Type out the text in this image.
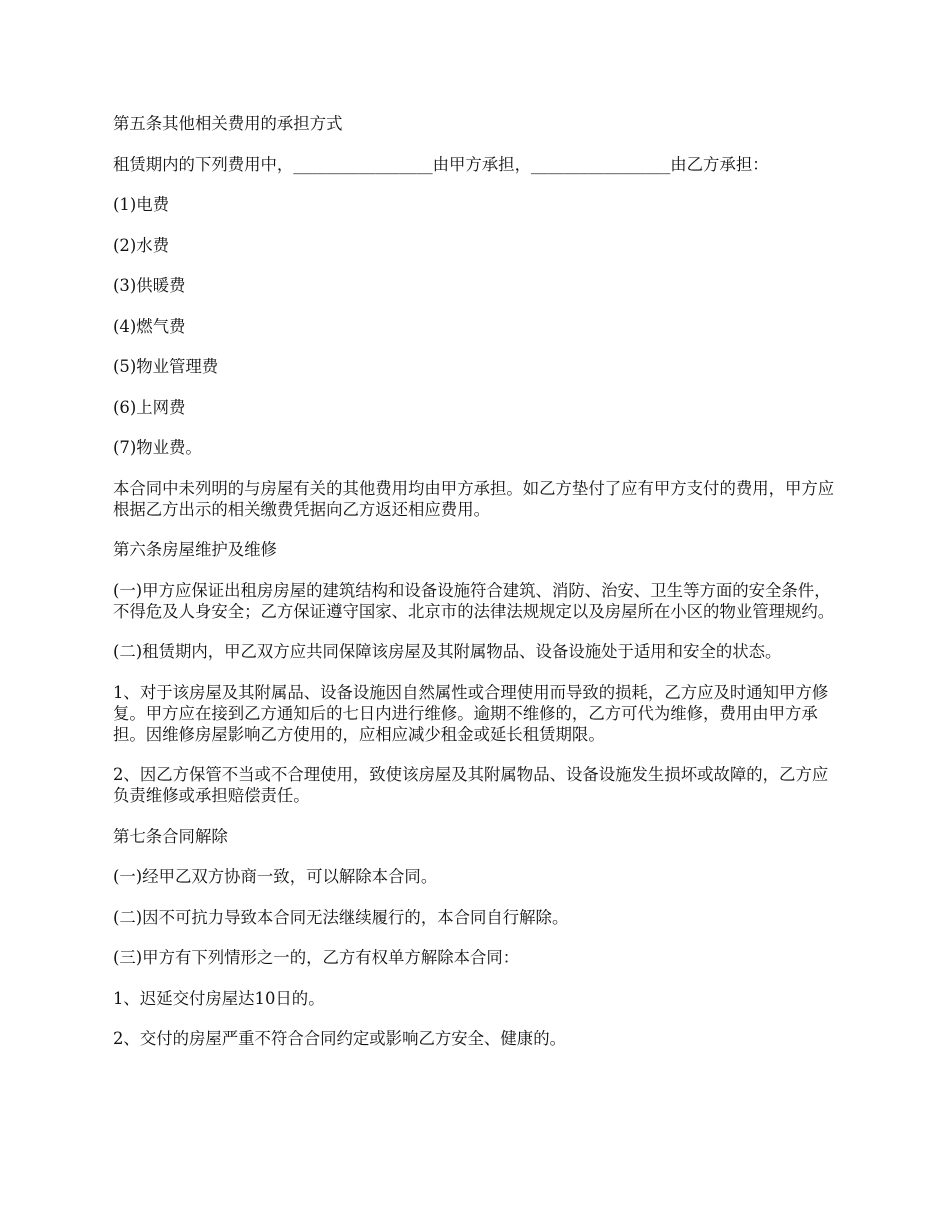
第五条其他相关费用的承担方式

租赁期内的下列费用中，_________________由甲方承担，_________________由乙方承担：

(1)电费

(2)水费

(3)供暖费

(4)燃气费

(5)物业管理费

(6)上网费

(7)物业费。

本合同中未列明的与房屋有关的其他费用均由甲方承担。如乙方垫付了应有甲方支付的费用，甲方应根据乙方出示的相关缴费凭据向乙方返还相应费用。

第六条房屋维护及维修

(一)甲方应保证出租房房屋的建筑结构和设备设施符合建筑、消防、治安、卫生等方面的安全条件，不得危及人身安全；乙方保证遵守国家、北京市的法律法规规定以及房屋所在小区的物业管理规约。

(二)租赁期内，甲乙双方应共同保障该房屋及其附属物品、设备设施处于适用和安全的状态。

1、对于该房屋及其附属品、设备设施因自然属性或合理使用而导致的损耗，乙方应及时通知甲方修复。甲方应在接到乙方通知后的七日内进行维修。逾期不维修的，乙方可代为维修，费用由甲方承担。因维修房屋影响乙方使用的，应相应减少租金或延长租赁期限。

2、因乙方保管不当或不合理使用，致使该房屋及其附属物品、设备设施发生损坏或故障的，乙方应负责维修或承担赔偿责任。

第七条合同解除

(一)经甲乙双方协商一致，可以解除本合同。

(二)因不可抗力导致本合同无法继续履行的，本合同自行解除。

(三)甲方有下列情形之一的，乙方有权单方解除本合同：

1、迟延交付房屋达10日的。

2、交付的房屋严重不符合合同约定或影响乙方安全、健康的。
